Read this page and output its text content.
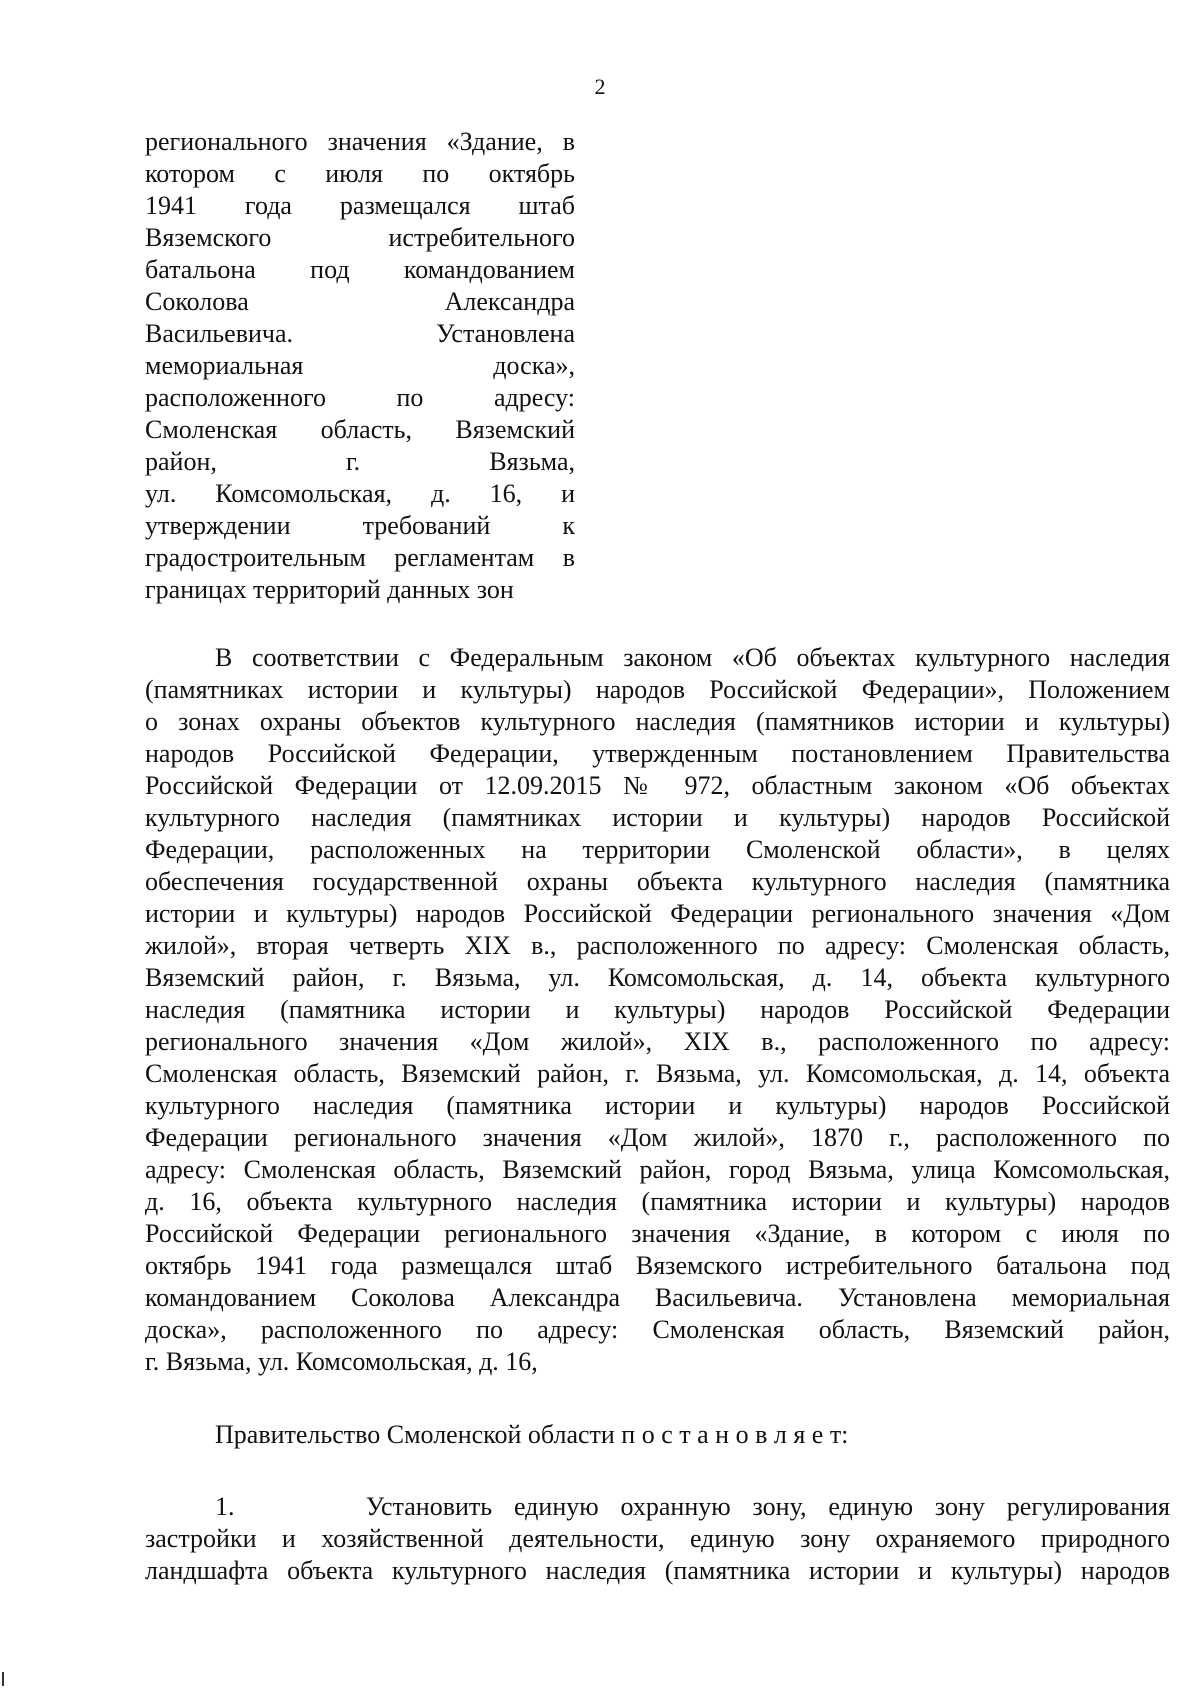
2
регионального значения «Здание, в
котором с июля по октябрь
1941 года размещался штаб
Вяземского истребительного
батальона под командованием
Соколова Александра
Васильевича. Установлена
мемориальная доска»,
расположенного по адресу:
Смоленская область, Вяземский
район, г. Вязьма,
ул. Комсомольская, д. 16, и
утверждении требований к
градостроительным регламентам в
границах территорий данных зон
В соответствии с Федеральным законом «Об объектах культурного наследия
(памятниках истории и культуры) народов Российской Федерации», Положением
о зонах охраны объектов культурного наследия (памятников истории и культуры)
народов Российской Федерации, утвержденным постановлением Правительства
Российской Федерации от 12.09.2015 № 972, областным законом «Об объектах
культурного наследия (памятниках истории и культуры) народов Российской
Федерации, расположенных на территории Смоленской области», в целях
обеспечения государственной охраны объекта культурного наследия (памятника
истории и культуры) народов Российской Федерации регионального значения «Дом
жилой», вторая четверть XIX в., расположенного по адресу: Смоленская область,
Вяземский район, г. Вязьма, ул. Комсомольская, д. 14, объекта культурного
наследия (памятника истории и культуры) народов Российской Федерации
регионального значения «Дом жилой», XIX в., расположенного по адресу:
Смоленская область, Вяземский район, г. Вязьма, ул. Комсомольская, д. 14, объекта
культурного наследия (памятника истории и культуры) народов Российской
Федерации регионального значения «Дом жилой», 1870 г., расположенного по
адресу: Смоленская область, Вяземский район, город Вязьма, улица Комсомольская,
д. 16, объекта культурного наследия (памятника истории и культуры) народов
Российской Федерации регионального значения «Здание, в котором с июля по
октябрь 1941 года размещался штаб Вяземского истребительного батальона под
командованием Соколова Александра Васильевича. Установлена мемориальная
доска», расположенного по адресу: Смоленская область, Вяземский район,
г. Вязьма, ул. Комсомольская, д. 16,
Правительство Смоленской области п о с т а н о в л я е т:
1.	Установить единую охранную зону, единую зону регулирования
застройки и хозяйственной деятельности, единую зону охраняемого природного
ландшафта объекта культурного наследия (памятника истории и культуры) народов
